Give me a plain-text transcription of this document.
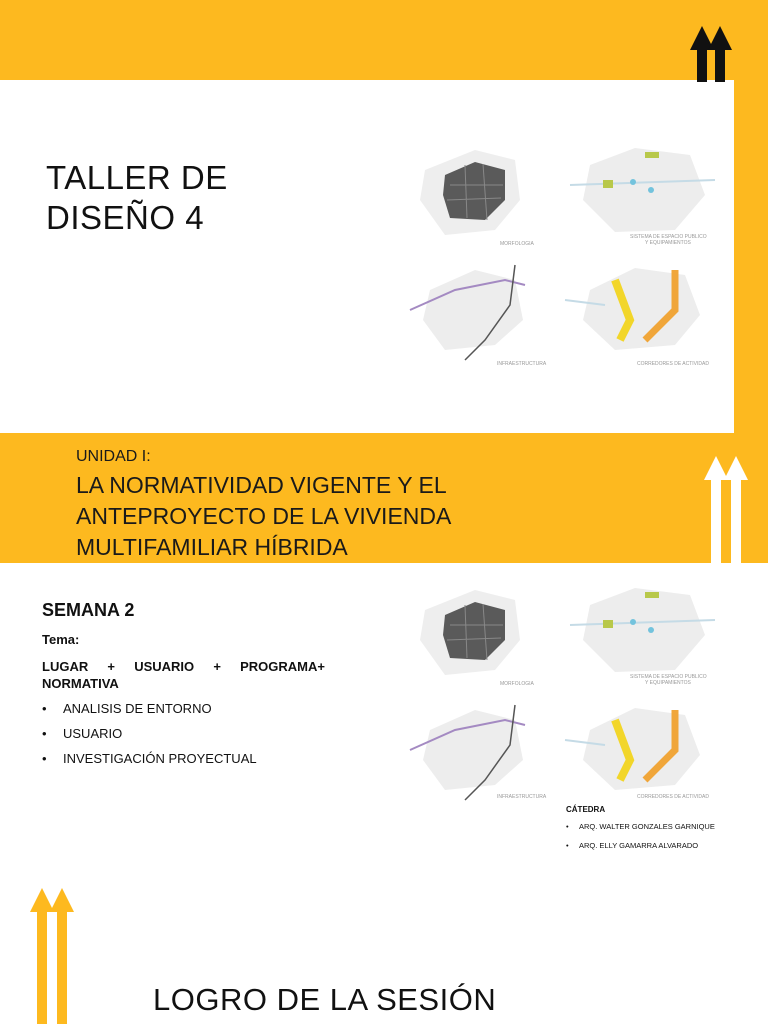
TALLER DE
DISEÑO 4
MORFOLOGIA
SISTEMA DE ESPACIO PUBLICO
Y EQUIPAMIENTOS
INFRAESTRUCTURA	CORREDORES DE ACTIVIDAD
UNIDAD I:
LA NORMATIVIDAD VIGENTE Y EL
ANTEPROYECTO DE LA VIVIENDA
MULTIFAMILIAR HÍBRIDA
SEMANA 2
Tema:
LUGAR + USUARIO + PROGRAMA+
NORMATIVA
•	ANALISIS DE ENTORNO
•	USUARIO
•	INVESTIGACIÓN PROYECTUAL
MORFOLOGIA
SISTEMA DE ESPACIO PUBLICO
Y EQUIPAMIENTOS
INFRAESTRUCTURA	CORREDORES DE ACTIVIDAD
CÁTEDRA
•	ARQ. WALTER GONZALES GARNIQUE
•	ARQ. ELLY GAMARRA ALVARADO
LOGRO DE LA SESIÓN
